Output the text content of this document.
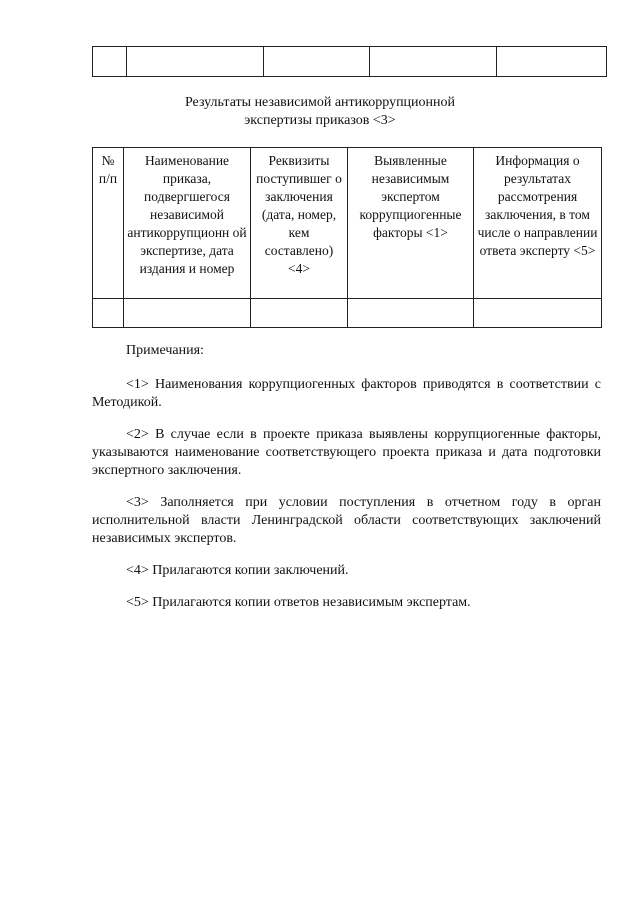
Результаты независимой антикоррупционной
экспертизы приказов <3>
№ п/п	Наименование приказа, подвергшегося независимой антикоррупционн ой экспертизе, дата издания и номер	Реквизиты поступившег о заключения (дата, номер, кем составлено) <4>	Выявленные независимым экспертом коррупциогенные факторы <1>	Информация о результатах рассмотрения заключения, в том числе о направлении ответа эксперту <5>

Примечания:

<1> Наименования коррупциогенных факторов приводятся в соответствии с Методикой.

<2> В случае если в проекте приказа выявлены коррупциогенные факторы, указываются наименование соответствующего проекта приказа и дата подготовки экспертного заключения.

<3> Заполняется при условии поступления в отчетном году в орган исполнительной власти Ленинградской области соответствующих заключений независимых экспертов.

<4> Прилагаются копии заключений.

<5> Прилагаются копии ответов независимым экспертам.
